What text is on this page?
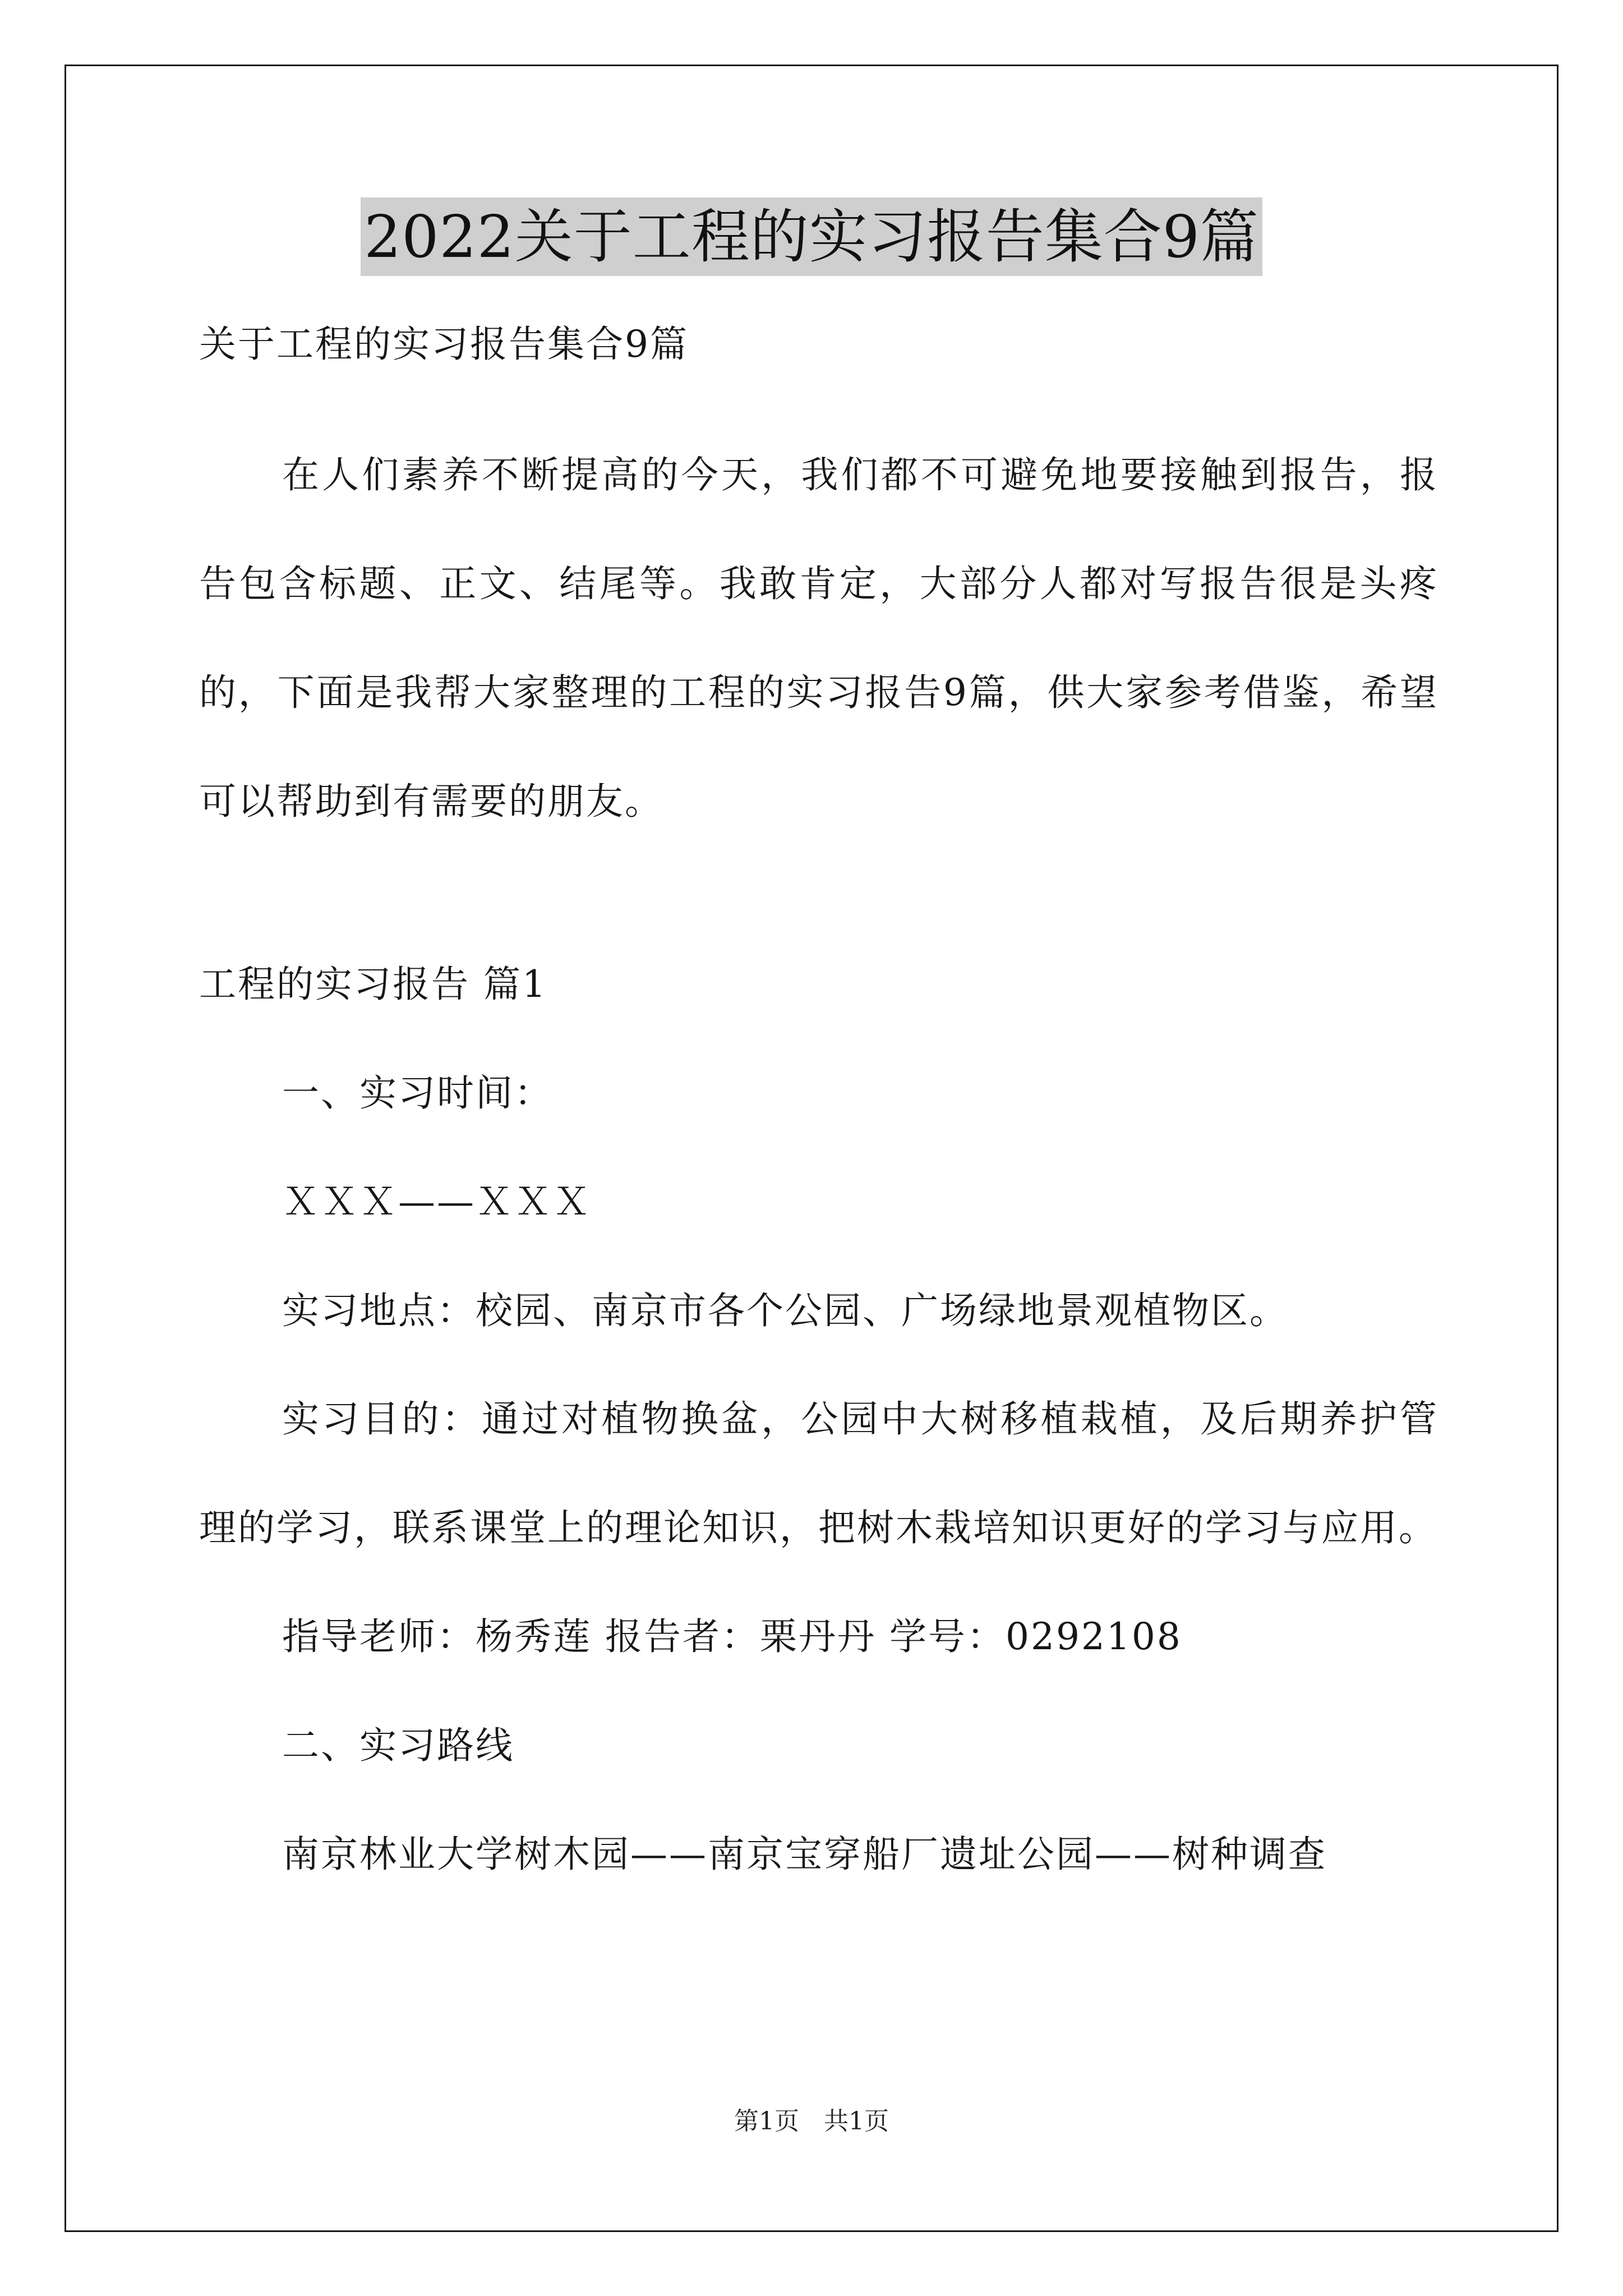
2022关于工程的实习报告集合9篇
关于工程的实习报告集合9篇
在人们素养不断提高的今天，我们都不可避免地要接触到报告，报告包含标题、正文、结尾等。我敢肯定，大部分人都对写报告很是头疼的，下面是我帮大家整理的工程的实习报告9篇，供大家参考借鉴，希望可以帮助到有需要的朋友。
工程的实习报告 篇1
一、实习时间：
ＸＸＸ——ＸＸＸ
实习地点：校园、南京市各个公园、广场绿地景观植物区。
实习目的：通过对植物换盆，公园中大树移植栽植，及后期养护管理的学习，联系课堂上的理论知识，把树木栽培知识更好的学习与应用。
指导老师：杨秀莲 报告者：栗丹丹 学号：0292108
二、实习路线
南京林业大学树木园——南京宝穿船厂遗址公园——树种调查
第1页　共1页
